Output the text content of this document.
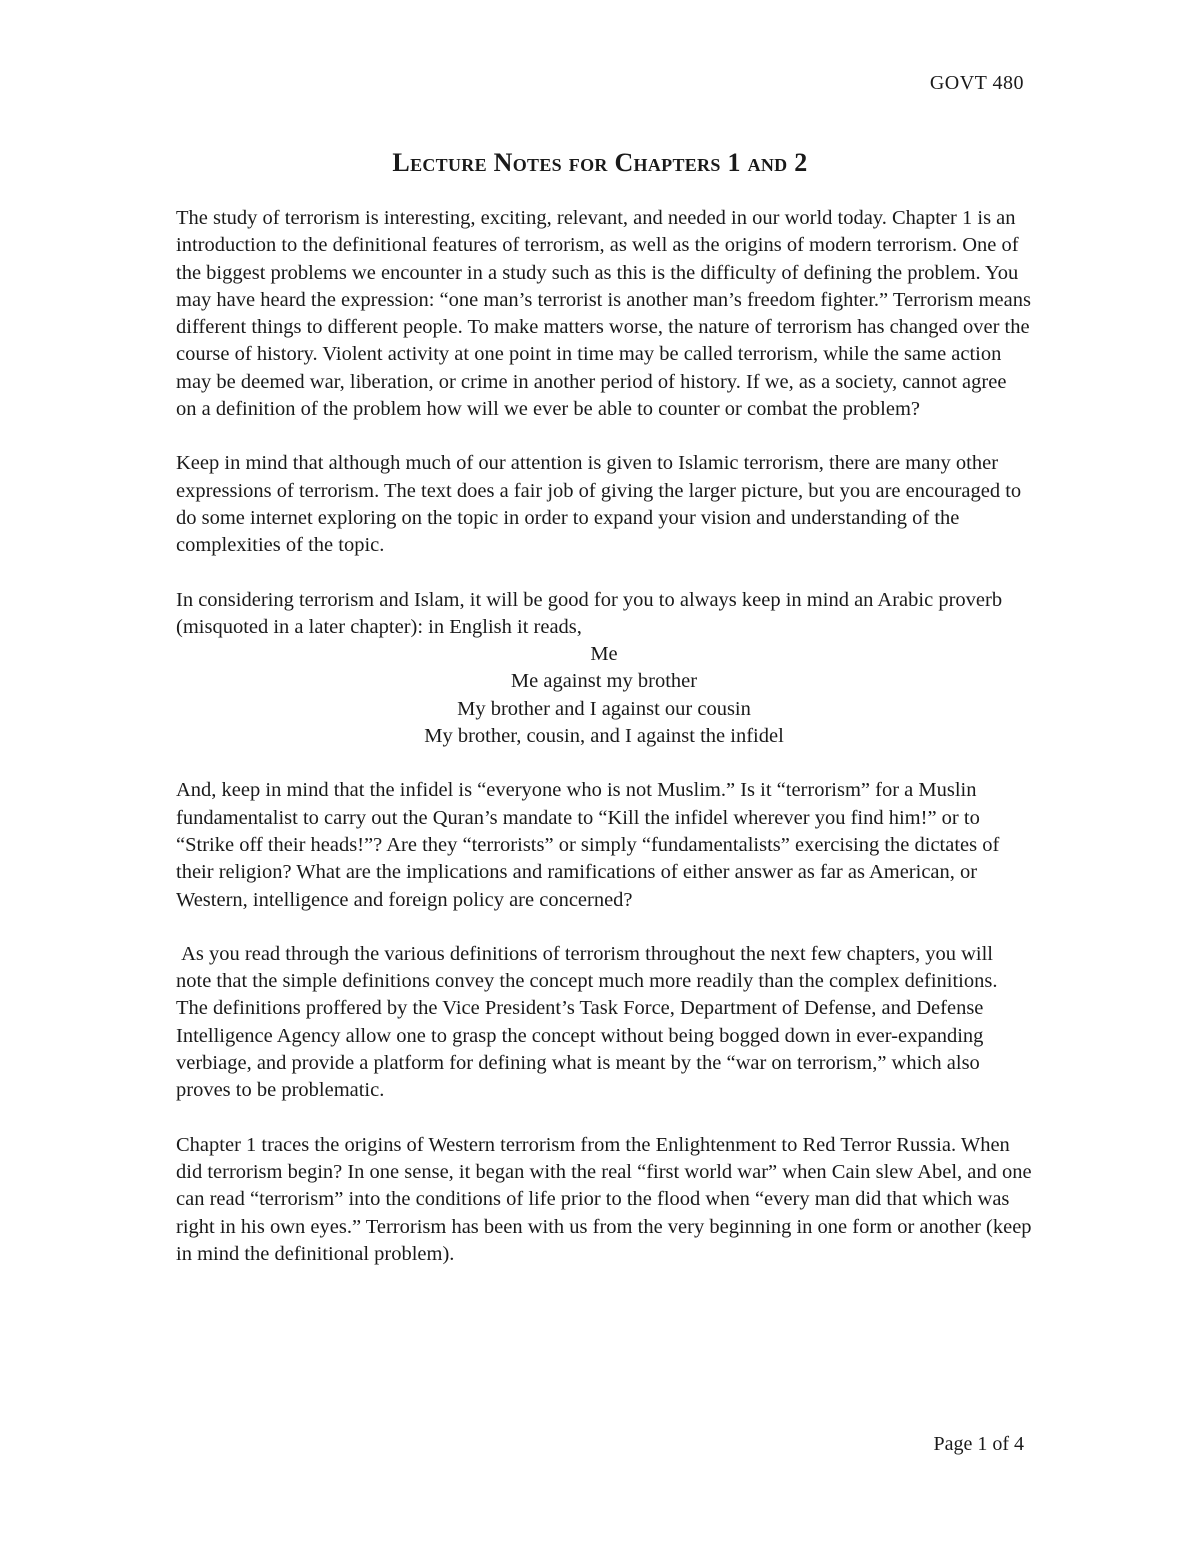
GOVT 480
Lecture Notes for Chapters 1 and 2

The study of terrorism is interesting, exciting, relevant, and needed in our world today. Chapter 1 is an introduction to the definitional features of terrorism, as well as the origins of modern terrorism. One of the biggest problems we encounter in a study such as this is the difficulty of defining the problem. You may have heard the expression: “one man’s terrorist is another man’s freedom fighter.” Terrorism means different things to different people. To make matters worse, the nature of terrorism has changed over the course of history. Violent activity at one point in time may be called terrorism, while the same action may be deemed war, liberation, or crime in another period of history. If we, as a society, cannot agree on a definition of the problem how will we ever be able to counter or combat the problem?

Keep in mind that although much of our attention is given to Islamic terrorism, there are many other expressions of terrorism. The text does a fair job of giving the larger picture, but you are encouraged to do some internet exploring on the topic in order to expand your vision and understanding of the complexities of the topic.

In considering terrorism and Islam, it will be good for you to always keep in mind an Arabic proverb (misquoted in a later chapter): in English it reads,

Me
Me against my brother
My brother and I against our cousin
My brother, cousin, and I against the infidel

And, keep in mind that the infidel is “everyone who is not Muslim.” Is it “terrorism” for a Muslin fundamentalist to carry out the Quran’s mandate to “Kill the infidel wherever you find him!” or to “Strike off their heads!”? Are they “terrorists” or simply “fundamentalists” exercising the dictates of their religion? What are the implications and ramifications of either answer as far as American, or Western, intelligence and foreign policy are concerned?

As you read through the various definitions of terrorism throughout the next few chapters, you will note that the simple definitions convey the concept much more readily than the complex definitions. The definitions proffered by the Vice President’s Task Force, Department of Defense, and Defense Intelligence Agency allow one to grasp the concept without being bogged down in ever-expanding verbiage, and provide a platform for defining what is meant by the “war on terrorism,” which also proves to be problematic.

Chapter 1 traces the origins of Western terrorism from the Enlightenment to Red Terror Russia. When did terrorism begin? In one sense, it began with the real “first world war” when Cain slew Abel, and one can read “terrorism” into the conditions of life prior to the flood when “every man did that which was right in his own eyes.” Terrorism has been with us from the very beginning in one form or another (keep in mind the definitional problem).

Page 1 of 4
